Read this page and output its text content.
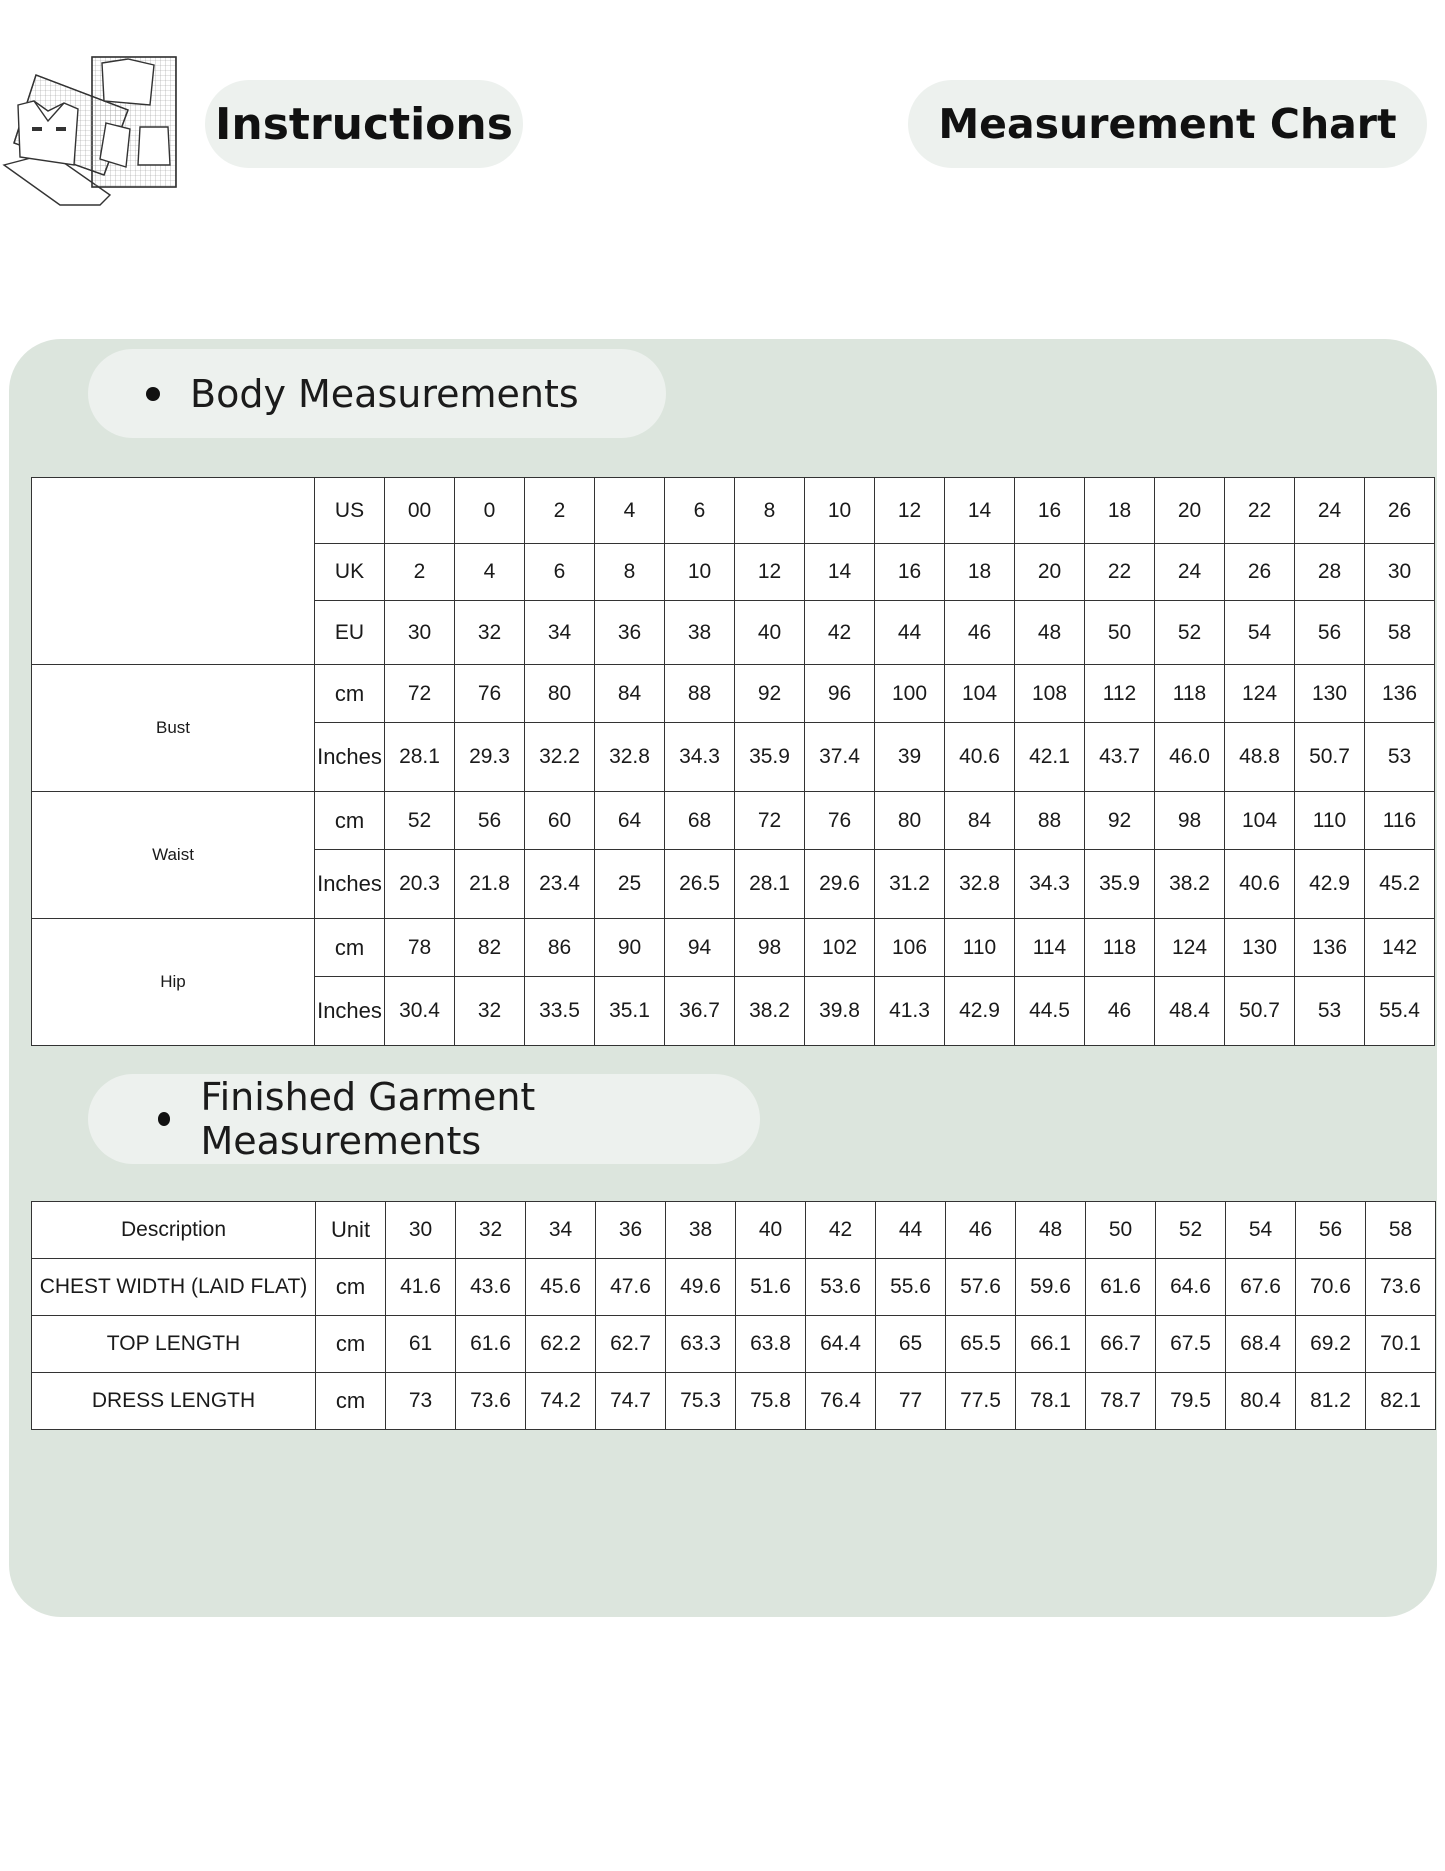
Instructions	Measurement Chart
Body Measurements
	US	00	0	2	4	6	8	10	12	14	16	18	20	22	24	26
	UK	2	4	6	8	10	12	14	16	18	20	22	24	26	28	30
	EU	30	32	34	36	38	40	42	44	46	48	50	52	54	56	58
Bust	cm	72	76	80	84	88	92	96	100	104	108	112	118	124	130	136
	Inches	28.1	29.3	32.2	32.8	34.3	35.9	37.4	39	40.6	42.1	43.7	46.0	48.8	50.7	53
Waist	cm	52	56	60	64	68	72	76	80	84	88	92	98	104	110	116
	Inches	20.3	21.8	23.4	25	26.5	28.1	29.6	31.2	32.8	34.3	35.9	38.2	40.6	42.9	45.2
Hip	cm	78	82	86	90	94	98	102	106	110	114	118	124	130	136	142
	Inches	30.4	32	33.5	35.1	36.7	38.2	39.8	41.3	42.9	44.5	46	48.4	50.7	53	55.4
Finished Garment Measurements
Description	Unit	30	32	34	36	38	40	42	44	46	48	50	52	54	56	58
CHEST WIDTH (LAID FLAT)	cm	41.6	43.6	45.6	47.6	49.6	51.6	53.6	55.6	57.6	59.6	61.6	64.6	67.6	70.6	73.6
TOP LENGTH	cm	61	61.6	62.2	62.7	63.3	63.8	64.4	65	65.5	66.1	66.7	67.5	68.4	69.2	70.1
DRESS LENGTH	cm	73	73.6	74.2	74.7	75.3	75.8	76.4	77	77.5	78.1	78.7	79.5	80.4	81.2	82.1
